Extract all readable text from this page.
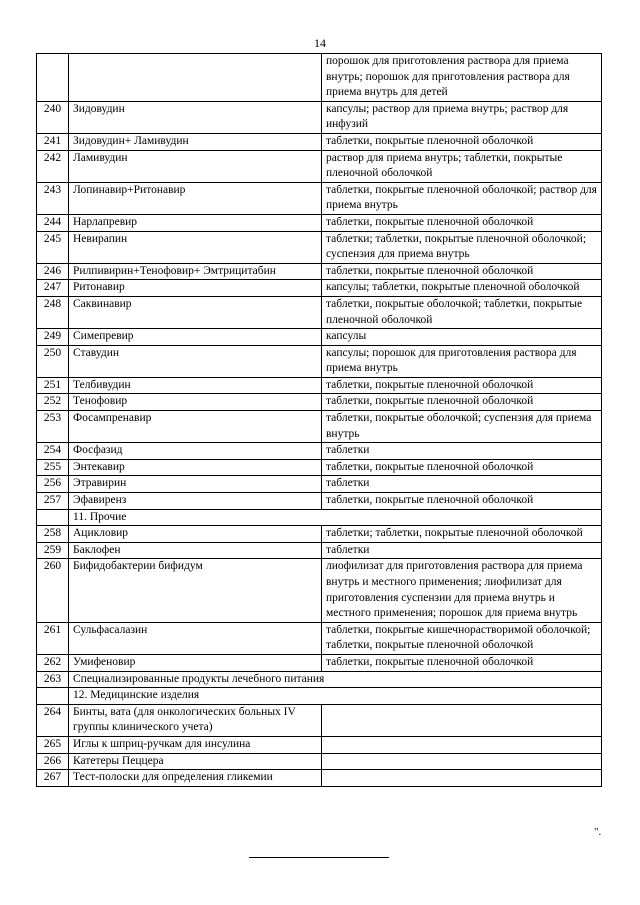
14
		порошок для приготовления раствора для приема внутрь; порошок для приготовления раствора для приема внутрь для детей
240	Зидовудин	капсулы; раствор для приема внутрь; раствор для инфузий
241	Зидовудин+ Ламивудин	таблетки, покрытые пленочной оболочкой
242	Ламивудин	раствор для приема внутрь; таблетки, покрытые пленочной оболочкой
243	Лопинавир+Ритонавир	таблетки, покрытые пленочной оболочкой; раствор для приема внутрь
244	Нарлапревир	таблетки, покрытые пленочной оболочкой
245	Невирапин	таблетки; таблетки, покрытые пленочной оболочкой; суспензия для приема внутрь
246	Рилпивирин+Тенофовир+ Эмтрицитабин	таблетки, покрытые пленочной оболочкой
247	Ритонавир	капсулы; таблетки, покрытые пленочной оболочкой
248	Саквинавир	таблетки, покрытые оболочкой; таблетки, покрытые пленочной оболочкой
249	Симепревир	капсулы
250	Ставудин	капсулы; порошок для приготовления раствора для приема внутрь
251	Телбивудин	таблетки, покрытые пленочной оболочкой
252	Тенофовир	таблетки, покрытые пленочной оболочкой
253	Фосампренавир	таблетки, покрытые оболочкой; суспензия для приема внутрь
254	Фосфазид	таблетки
255	Энтекавир	таблетки, покрытые пленочной оболочкой
256	Этравирин	таблетки
257	Эфавиренз	таблетки, покрытые пленочной оболочкой
	11. Прочие	
258	Ацикловир	таблетки; таблетки, покрытые пленочной оболочкой
259	Баклофен	таблетки
260	Бифидобактерии бифидум	лиофилизат для приготовления раствора для приема внутрь и местного применения; лиофилизат для приготовления суспензии для приема внутрь и местного применения; порошок для приема внутрь
261	Сульфасалазин	таблетки, покрытые кишечнорастворимой оболочкой; таблетки, покрытые пленочной оболочкой
262	Умифеновир	таблетки, покрытые пленочной оболочкой
263	Специализированные продукты лечебного питания	
	12. Медицинские изделия	
264	Бинты, вата (для онкологических больных IV группы клинического учета)	
265	Иглы к шприц-ручкам для инсулина	
266	Катетеры Пеццера	
267	Тест-полоски для определения гликемии	
".
